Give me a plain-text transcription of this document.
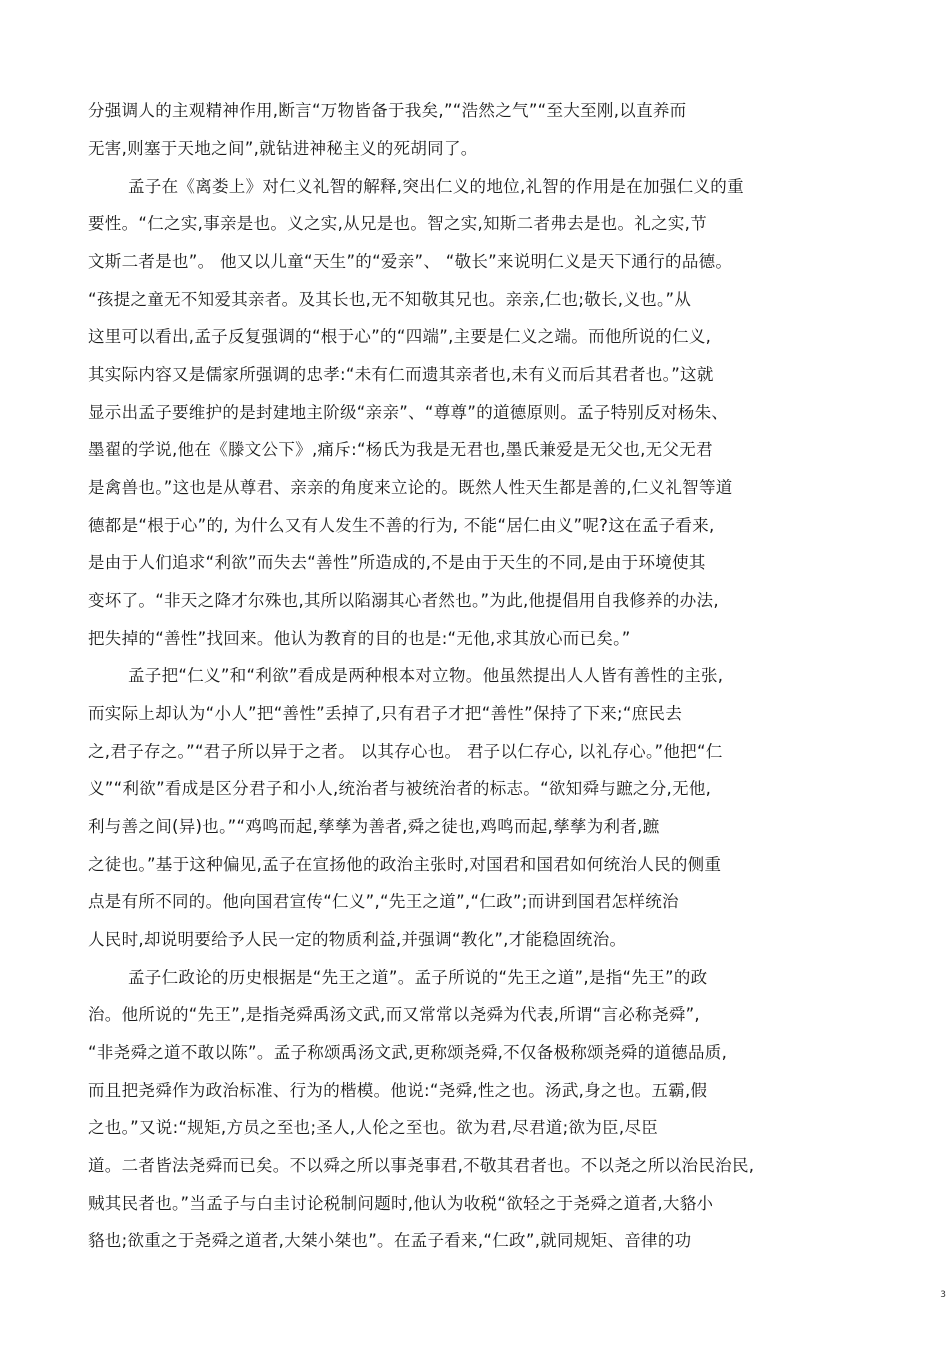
分强调人的主观精神作用,断言“万物皆备于我矣,”“浩然之气”“至大至刚,以直养而
无害,则塞于天地之间”,就钻进神秘主义的死胡同了。
孟子在《离娄上》对仁义礼智的解释,突出仁义的地位,礼智的作用是在加强仁义的重
要性。“仁之实,事亲是也。义之实,从兄是也。智之实,知斯二者弗去是也。礼之实,节
文斯二者是也”。 他又以儿童“天生”的“爱亲”、 “敬长”来说明仁义是天下通行的品德。
“孩提之童无不知爱其亲者。及其长也,无不知敬其兄也。亲亲,仁也;敬长,义也。”从
这里可以看出,孟子反复强调的“根于心”的“四端”,主要是仁义之端。而他所说的仁义,
其实际内容又是儒家所强调的忠孝:“未有仁而遗其亲者也,未有义而后其君者也。”这就
显示出孟子要维护的是封建地主阶级“亲亲”、“尊尊”的道德原则。孟子特别反对杨朱、
墨翟的学说,他在《滕文公下》,痛斥:“杨氏为我是无君也,墨氏兼爱是无父也,无父无君
是禽兽也。”这也是从尊君、亲亲的角度来立论的。既然人性天生都是善的,仁义礼智等道
德都是“根于心”的, 为什么又有人发生不善的行为, 不能“居仁由义”呢?这在孟子看来,
是由于人们追求“利欲”而失去“善性”所造成的,不是由于天生的不同,是由于环境使其
变坏了。“非天之降才尔殊也,其所以陷溺其心者然也。”为此,他提倡用自我修养的办法,
把失掉的“善性”找回来。他认为教育的目的也是:“无他,求其放心而已矣。”
孟子把“仁义”和“利欲”看成是两种根本对立物。他虽然提出人人皆有善性的主张,
而实际上却认为“小人”把“善性”丢掉了,只有君子才把“善性”保持了下来;“庶民去
之,君子存之。”“君子所以异于之者。 以其存心也。 君子以仁存心, 以礼存心。”他把“仁
义”“利欲”看成是区分君子和小人,统治者与被统治者的标志。“欲知舜与蹠之分,无他,
利与善之间(异)也。”“鸡鸣而起,孳孳为善者,舜之徒也,鸡鸣而起,孳孳为利者,蹠
之徒也。”基于这种偏见,孟子在宣扬他的政治主张时,对国君和国君如何统治人民的侧重
点是有所不同的。他向国君宣传“仁义”,“先王之道”,“仁政”;而讲到国君怎样统治
人民时,却说明要给予人民一定的物质利益,并强调“教化”,才能稳固统治。
孟子仁政论的历史根据是“先王之道”。孟子所说的“先王之道”,是指“先王”的政
治。他所说的“先王”,是指尧舜禹汤文武,而又常常以尧舜为代表,所谓“言必称尧舜”,
“非尧舜之道不敢以陈”。孟子称颂禹汤文武,更称颂尧舜,不仅备极称颂尧舜的道德品质,
而且把尧舜作为政治标准、行为的楷模。他说:“尧舜,性之也。汤武,身之也。五霸,假
之也。”又说:“规矩,方员之至也;圣人,人伦之至也。欲为君,尽君道;欲为臣,尽臣
道。二者皆法尧舜而已矣。不以舜之所以事尧事君,不敬其君者也。不以尧之所以治民治民,
贼其民者也。”当孟子与白圭讨论税制问题时,他认为收税“欲轻之于尧舜之道者,大貉小
貉也;欲重之于尧舜之道者,大桀小桀也”。在孟子看来,“仁政”,就同规矩、音律的功
3
